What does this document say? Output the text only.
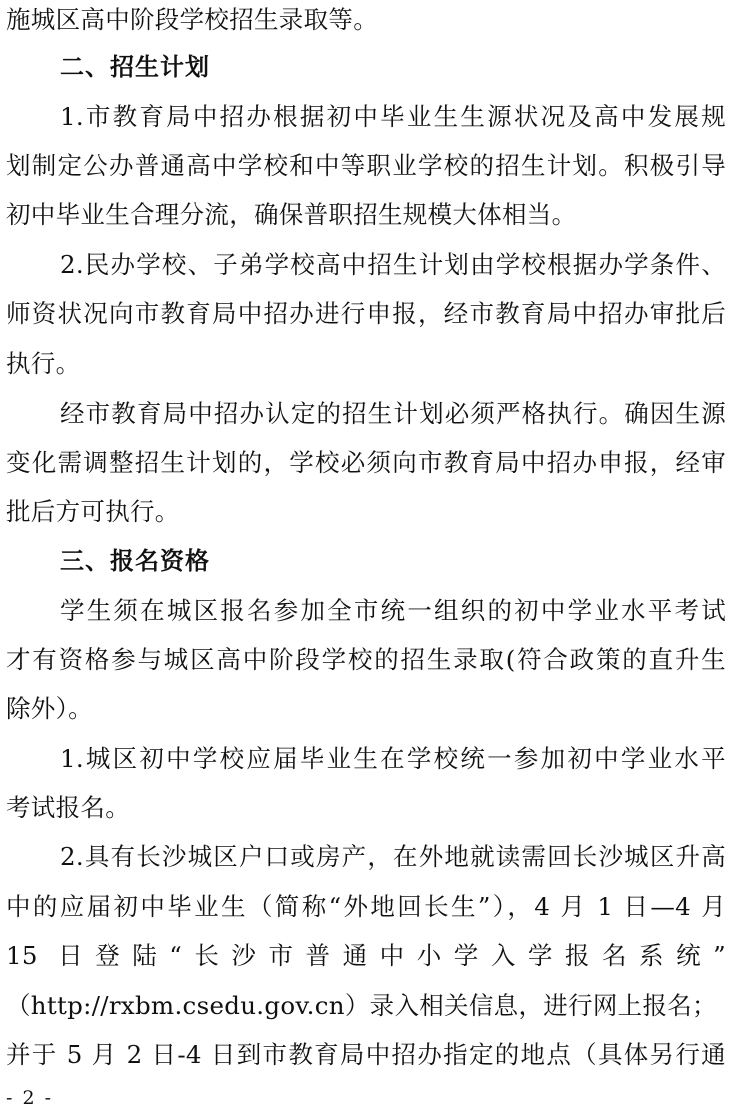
施城区高中阶段学校招生录取等。
二、招生计划
1.市教育局中招办根据初中毕业生生源状况及高中发展规
划制定公办普通高中学校和中等职业学校的招生计划。积极引导
初中毕业生合理分流，确保普职招生规模大体相当。
2.民办学校、子弟学校高中招生计划由学校根据办学条件、
师资状况向市教育局中招办进行申报，经市教育局中招办审批后
执行。
经市教育局中招办认定的招生计划必须严格执行。确因生源
变化需调整招生计划的，学校必须向市教育局中招办申报，经审
批后方可执行。
三、报名资格
学生须在城区报名参加全市统一组织的初中学业水平考试
才有资格参与城区高中阶段学校的招生录取(符合政策的直升生
除外）。
1.城区初中学校应届毕业生在学校统一参加初中学业水平
考试报名。
2.具有长沙城区户口或房产，在外地就读需回长沙城区升高
中的应届初中毕业生（简称“外地回长生”），4 月 1 日—4 月
15 日登陆“长沙市普通中小学入学报名系统”
（http://rxbm.csedu.gov.cn）录入相关信息，进行网上报名；
并于 5 月 2 日-4 日到市教育局中招办指定的地点（具体另行通
- 2 -
